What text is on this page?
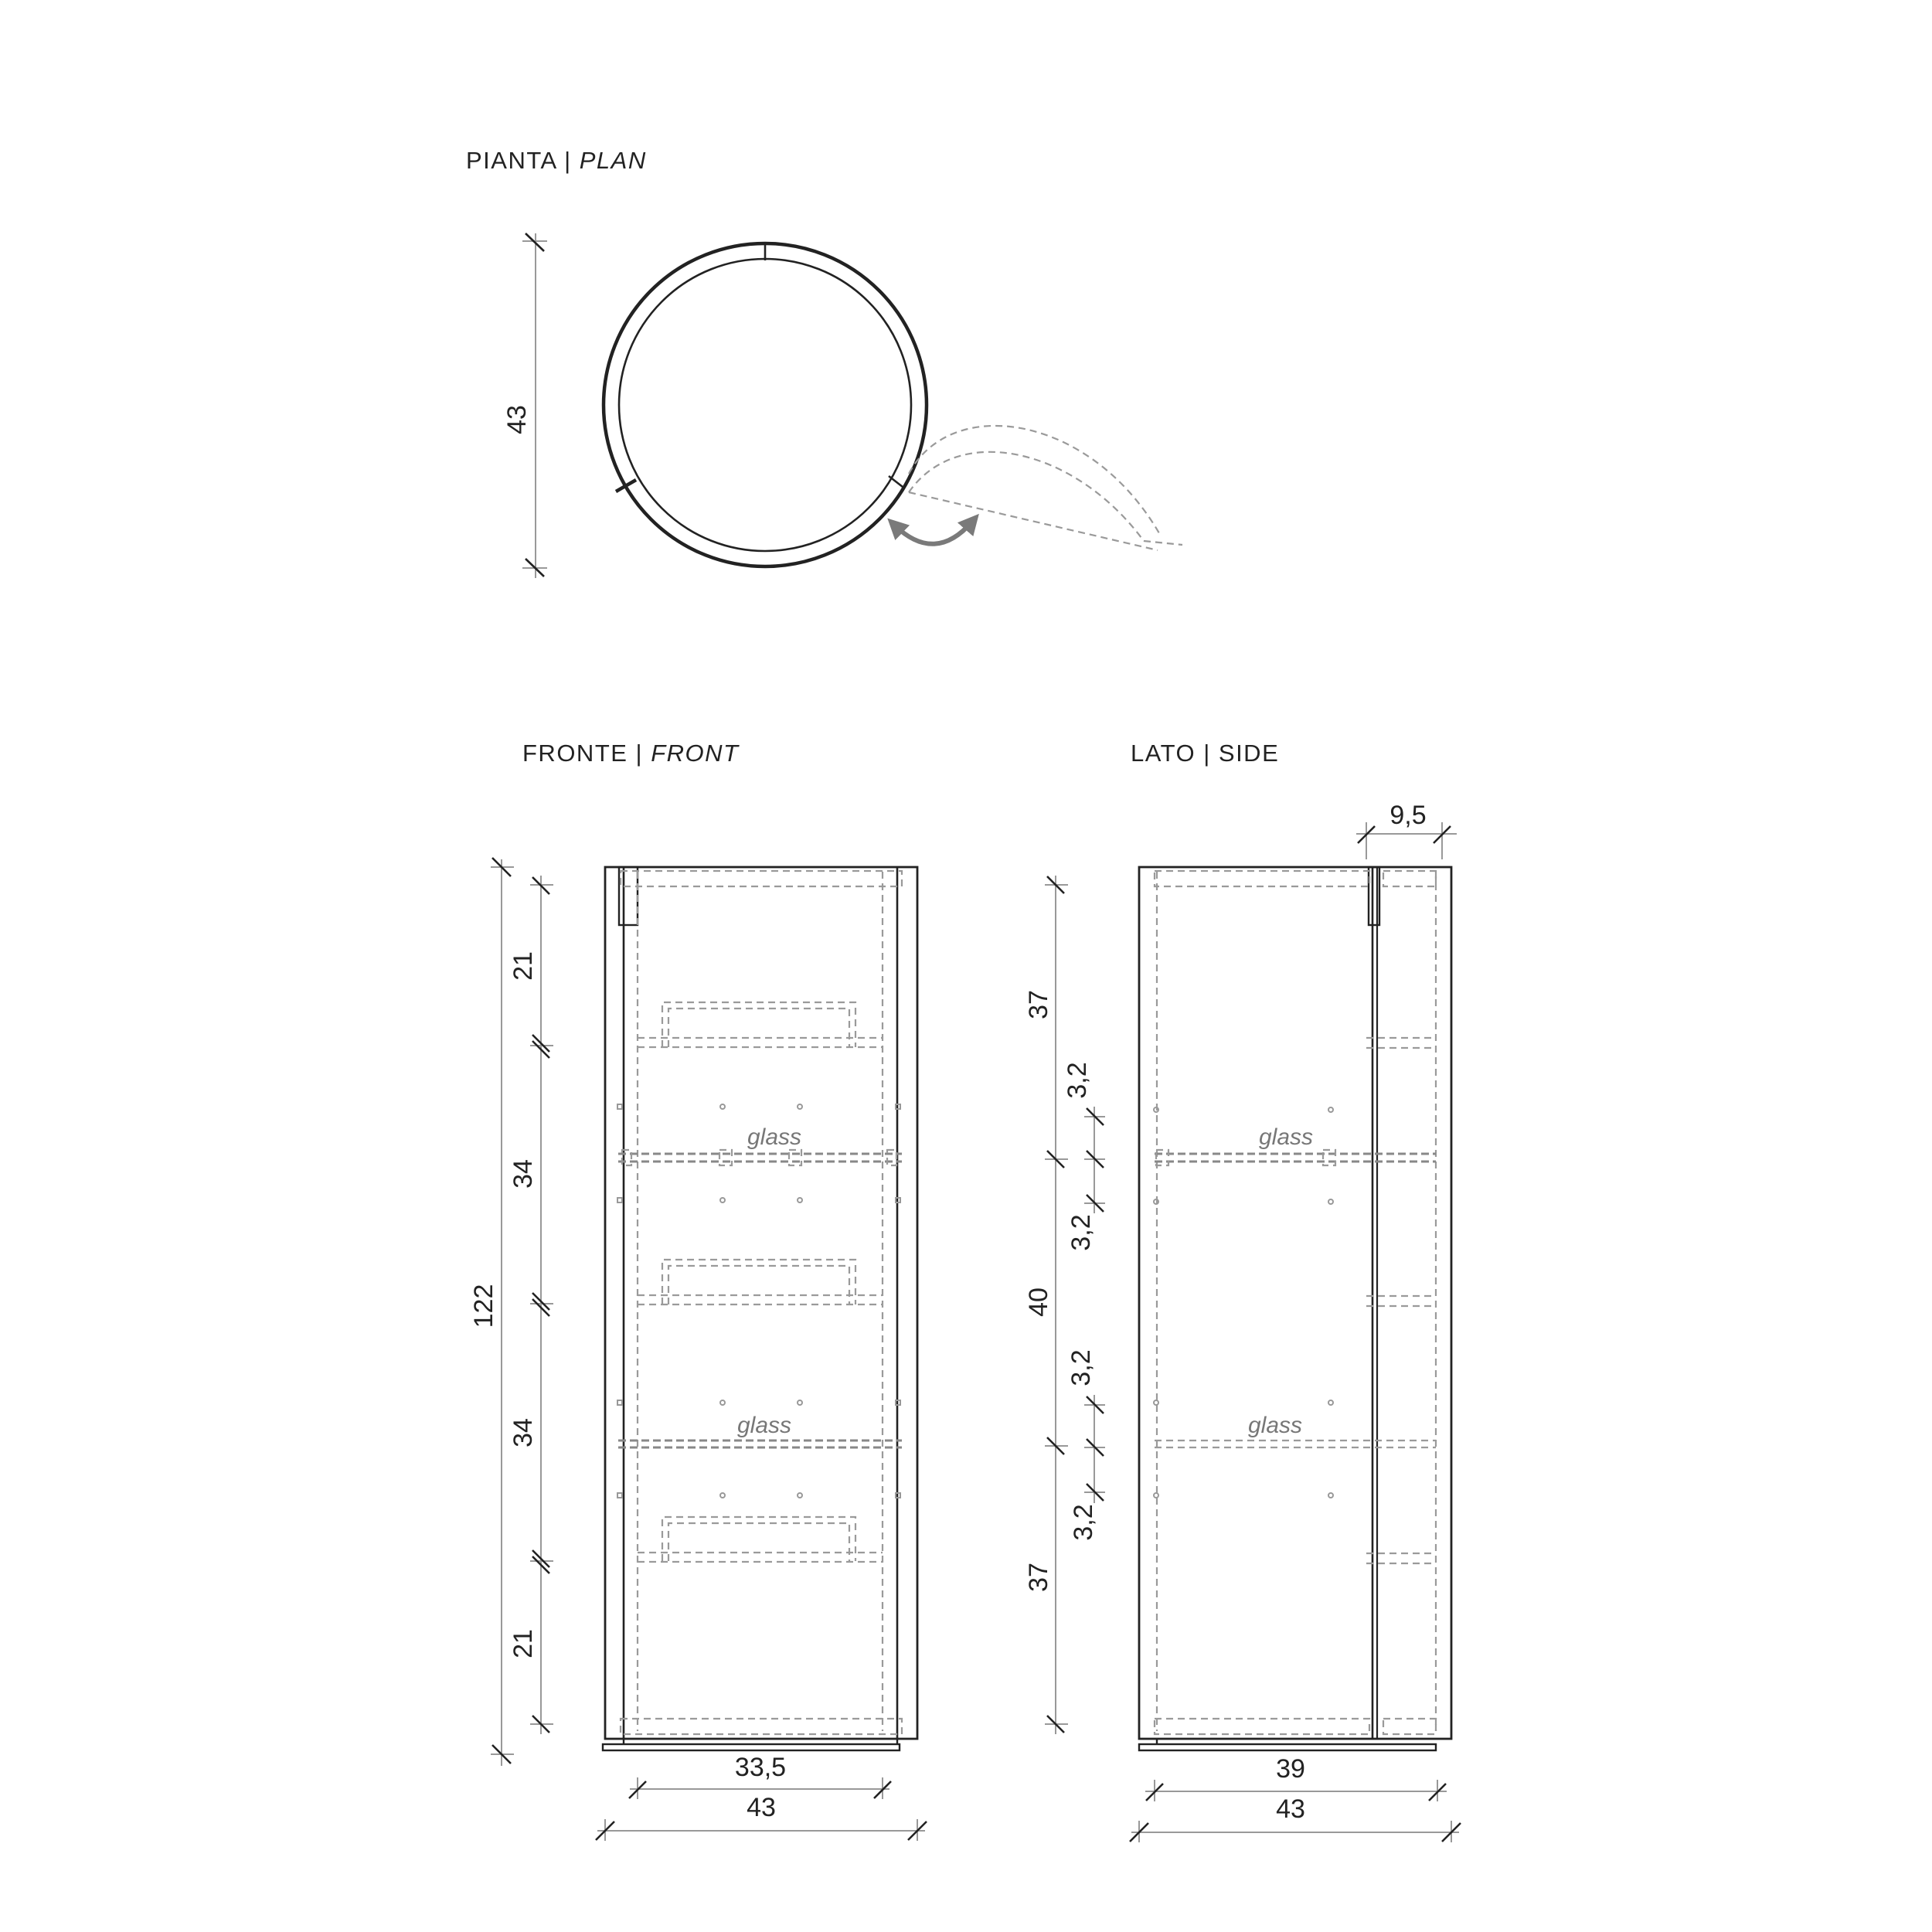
PIANTA | PLAN
FRONTE | FRONT	LATO | SIDE
43
glass
glass
122
21
34
34
21
33,5
43
glass
glass
9,5
37
40
37
3,2
3,2
3,2
3,2
39
43
